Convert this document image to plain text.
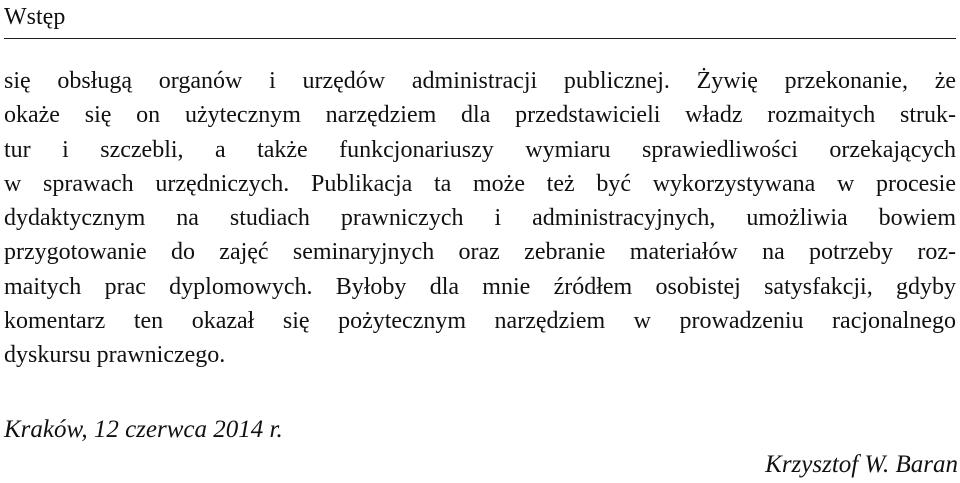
Wstęp
się obsługą organów i urzędów administracji publicznej. Żywię przekonanie, że
okaże się on użytecznym narzędziem dla przedstawicieli władz rozmaitych struk-
tur i szczebli, a także funkcjonariuszy wymiaru sprawiedliwości orzekających
w sprawach urzędniczych. Publikacja ta może też być wykorzystywana w procesie
dydaktycznym na studiach prawniczych i administracyjnych, umożliwia bowiem
przygotowanie do zajęć seminaryjnych oraz zebranie materiałów na potrzeby roz-
maitych prac dyplomowych. Byłoby dla mnie źródłem osobistej satysfakcji, gdyby
komentarz ten okazał się pożytecznym narzędziem w prowadzeniu racjonalnego
dyskursu prawniczego.
Kraków, 12 czerwca 2014 r.
Krzysztof W. Baran
